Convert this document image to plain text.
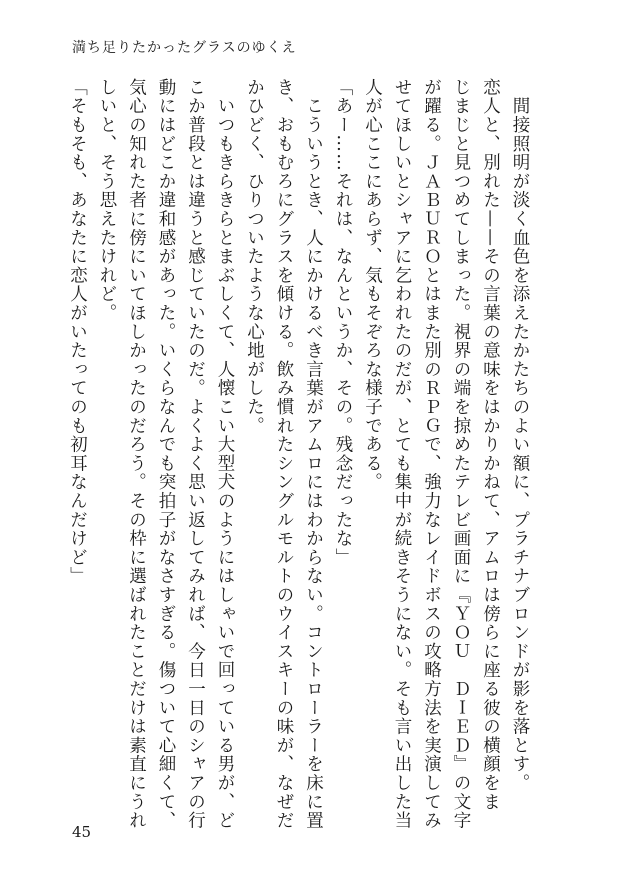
満ち足りたかったグラスのゆくえ
　間接照明が淡く血色を添えたかたちのよい額に、プラチナブロンドが影を落とす。
恋人と、別れた——その言葉の意味をはかりかねて、アムロは傍らに座る彼の横顔をま
じまじと見つめてしまった。視界の端を掠めたテレビ画面に『ＹＯＵ　ＤＩＥＤ』の文字
が躍る。ＪＡＢＵＲＯとはまた別のＲＰＧで、強力なレイドボスの攻略方法を実演してみ
せてほしいとシャアに乞われたのだが、とても集中が続きそうにない。そも言い出した当
人が心ここにあらず、気もそぞろな様子である。
「あー……それは、なんというか、その。残念だったな」
　こういうとき、人にかけるべき言葉がアムロにはわからない。コントローラーを床に置
き、おもむろにグラスを傾ける。飲み慣れたシングルモルトのウイスキーの味が、なぜだ
かひどく、ひりついたような心地がした。
　いつもきらきらとまぶしくて、人懐こい大型犬のようにはしゃいで回っている男が、ど
こか普段とは違うと感じていたのだ。よくよく思い返してみれば、今日一日のシャアの行
動にはどこか違和感があった。いくらなんでも突拍子がなさすぎる。傷ついて心細くて、
気心の知れた者に傍にいてほしかったのだろう。その枠に選ばれたことだけは素直にうれ
しいと、そう思えたけれど。
「そもそも、あなたに恋人がいたってのも初耳なんだけど」
45
